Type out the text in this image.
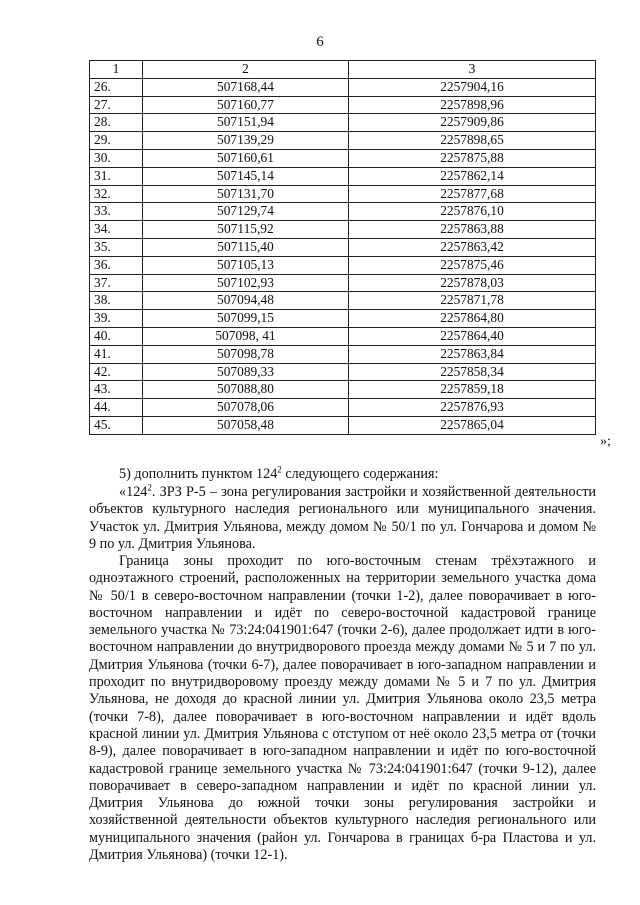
6
1	2	3
26.	507168,44	2257904,16
27.	507160,77	2257898,96
28.	507151,94	2257909,86
29.	507139,29	2257898,65
30.	507160,61	2257875,88
31.	507145,14	2257862,14
32.	507131,70	2257877,68
33.	507129,74	2257876,10
34.	507115,92	2257863,88
35.	507115,40	2257863,42
36.	507105,13	2257875,46
37.	507102,93	2257878,03
38.	507094,48	2257871,78
39.	507099,15	2257864,80
40.	507098, 41	2257864,40
41.	507098,78	2257863,84
42.	507089,33	2257858,34
43.	507088,80	2257859,18
44.	507078,06	2257876,93
45.	507058,48	2257865,04
»;

5) дополнить пунктом $124^2$ следующего содержания:

«$124^2$. ЗРЗ Р-5 – зона регулирования застройки и хозяйственной деятельности объектов культурного наследия регионального или муниципального значения. Участок ул. Дмитрия Ульянова, между домом № 50/1 по ул. Гончарова и домом № 9 по ул. Дмитрия Ульянова.

Граница зоны проходит по юго-восточным стенам трёхэтажного и одноэтажного строений, расположенных на территории земельного участка дома № 50/1 в северо-восточном направлении (точки 1-2), далее поворачивает в юго-восточном направлении и идёт по северо-восточной кадастровой границе земельного участка № 73:24:041901:647 (точки 2-6), далее продолжает идти в юго-восточном направлении до внутридворового проезда между домами № 5 и 7 по ул. Дмитрия Ульянова (точки 6-7), далее поворачивает в юго-западном направлении и проходит по внутридворовому проезду между домами № 5 и 7 по ул. Дмитрия Ульянова, не доходя до красной линии ул. Дмитрия Ульянова около 23,5 метра (точки 7-8), далее поворачивает в юго-восточном направлении и идёт вдоль красной линии ул. Дмитрия Ульянова с отступом от неё около 23,5 метра от (точки 8-9), далее поворачивает в юго-западном направлении и идёт по юго-восточной кадастровой границе земельного участка № 73:24:041901:647 (точки 9-12), далее поворачивает в северо-западном направлении и идёт по красной линии ул. Дмитрия Ульянова до южной точки зоны регулирования застройки и хозяйственной деятельности объектов культурного наследия регионального или муниципального значения (район ул. Гончарова в границах б-ра Пластова и ул. Дмитрия Ульянова) (точки 12-1).
